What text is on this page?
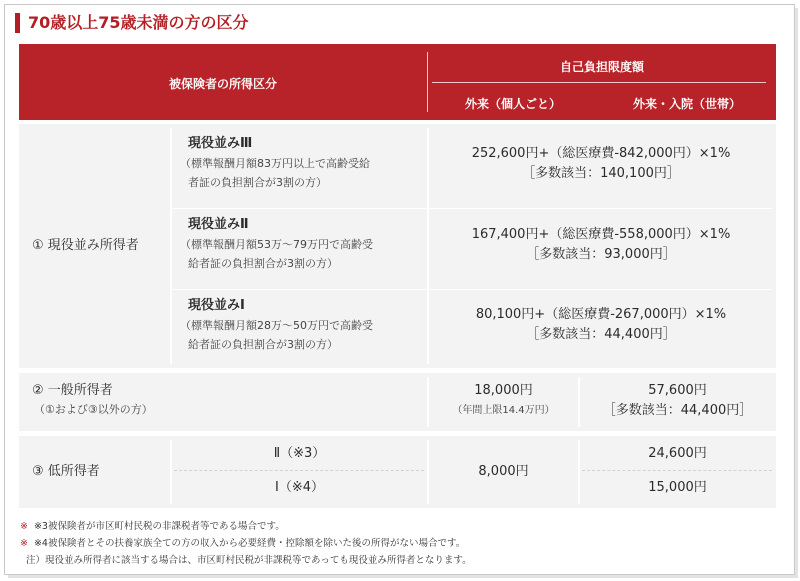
70歳以上75歳未満の方の区分
被保険者の所得区分
自己負担限度額
外来（個人ごと）	外来・入院（世帯）
① 現役並み所得者
現役並みⅢ
（標準報酬月額83万円以上で高齢受給
者証の負担割合が3割の方）
252,600円+（総医療費-842,000円）×1%
［多数該当：140,100円］
現役並みⅡ
（標準報酬月額53万〜79万円で高齢受
給者証の負担割合が3割の方）
167,400円+（総医療費-558,000円）×1%
［多数該当：93,000円］
現役並みⅠ
（標準報酬月額28万〜50万円で高齢受
給者証の負担割合が3割の方）
80,100円+（総医療費-267,000円）×1%
［多数該当：44,400円］
② 一般所得者
（①および③以外の方）
18,000円
（年間上限14.4万円）
57,600円
［多数該当：44,400円］
③ 低所得者
Ⅱ（※3）
Ⅰ（※4）
8,000円
24,600円
15,000円
※ ※3被保険者が市区町村民税の非課税者等である場合です。
※ ※4被保険者とその扶養家族全ての方の収入から必要経費・控除額を除いた後の所得がない場合です。
注）現役並み所得者に該当する場合は、市区町村民税が非課税等であっても現役並み所得者となります。
